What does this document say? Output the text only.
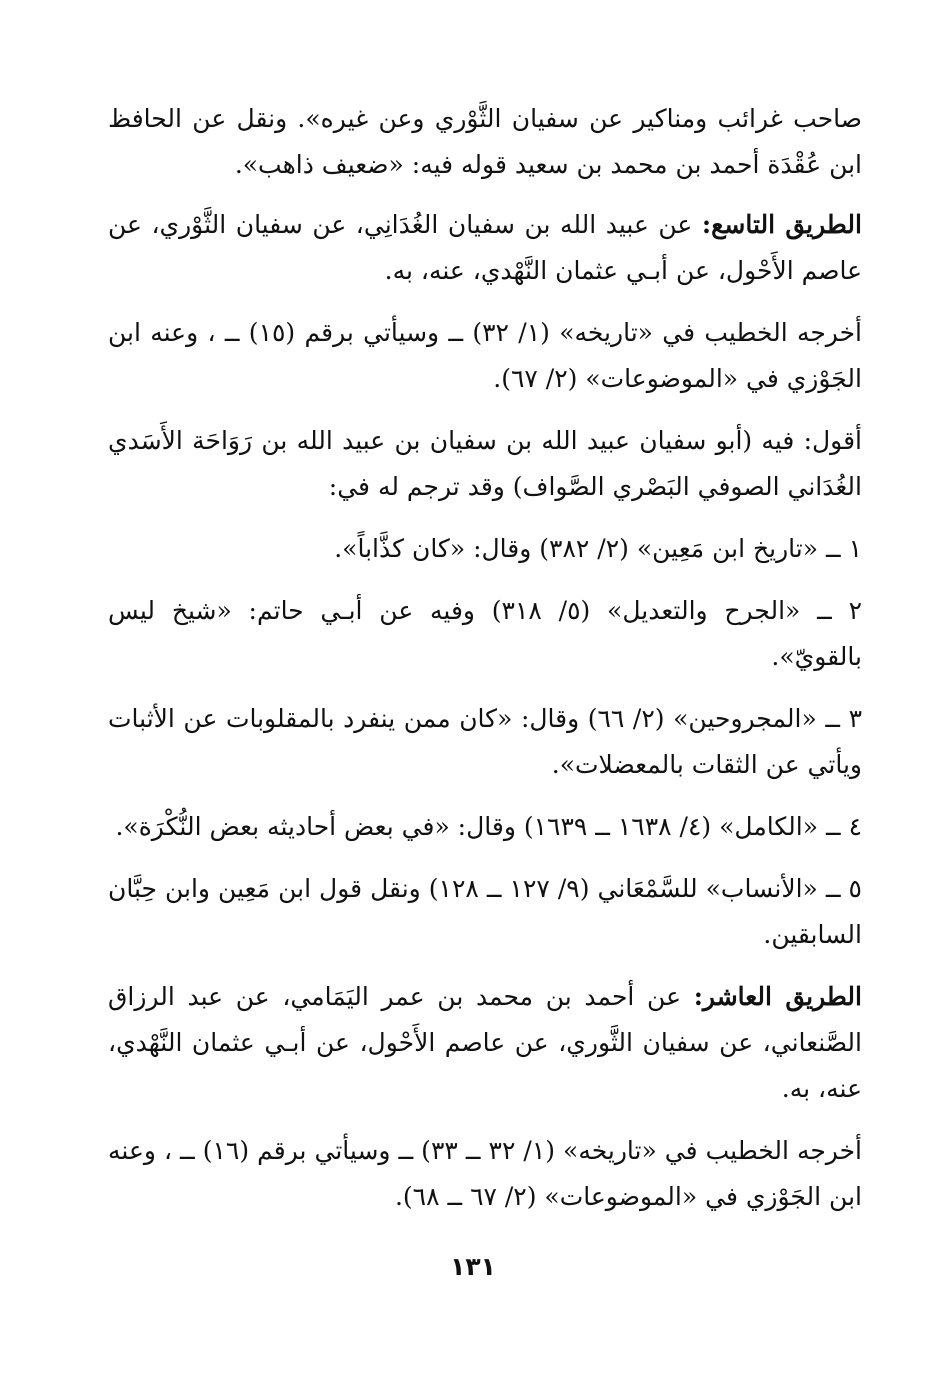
صاحب غرائب ومناكير عن سفيان الثَّوْري وعن غيره». ونقل عن الحافظ ابن عُقْدَة أحمد بن محمد بن سعيد قوله فيه: «ضعيف ذاهب».

الطريق التاسع: عن عبيد الله بن سفيان الغُدَانِي، عن سفيان الثَّوْري، عن عاصم الأَحْول، عن أبـي عثمان النَّهْدي، عنه، به.

أخرجه الخطيب في «تاريخه» (١/ ٣٢) ــ وسيأتي برقم (١٥) ــ ، وعنه ابن الجَوْزي في «الموضوعات» (٢/ ٦٧).

أقول: فيه (أبو سفيان عبيد الله بن سفيان بن عبيد الله بن رَوَاحَة الأَسَدي الغُدَاني الصوفي البَصْري الصَّواف) وقد ترجم له في:

١ ــ «تاريخ ابن مَعِين» (٢/ ٣٨٢) وقال: «كان كذَّاباً».

٢ ــ «الجرح والتعديل» (٥/ ٣١٨) وفيه عن أبـي حاتم: «شيخ ليس بالقويّ».

٣ ــ «المجروحين» (٢/ ٦٦) وقال: «كان ممن ينفرد بالمقلوبات عن الأثبات ويأتي عن الثقات بالمعضلات».

٤ ــ «الكامل» (٤/ ١٦٣٨ ــ ١٦٣٩) وقال: «في بعض أحاديثه بعض النُّكْرَة».

٥ ــ «الأنساب» للسَّمْعَاني (٩/ ١٢٧ ــ ١٢٨) ونقل قول ابن مَعِين وابن حِبَّان السابقين.

الطريق العاشر: عن أحمد بن محمد بن عمر اليَمَامي، عن عبد الرزاق الصَّنعاني، عن سفيان الثَّوري، عن عاصم الأَحْول، عن أبـي عثمان النَّهْدي، عنه، به.

أخرجه الخطيب في «تاريخه» (١/ ٣٢ ــ ٣٣) ــ وسيأتي برقم (١٦) ــ ، وعنه ابن الجَوْزي في «الموضوعات» (٢/ ٦٧ ــ ٦٨).

١٣١
